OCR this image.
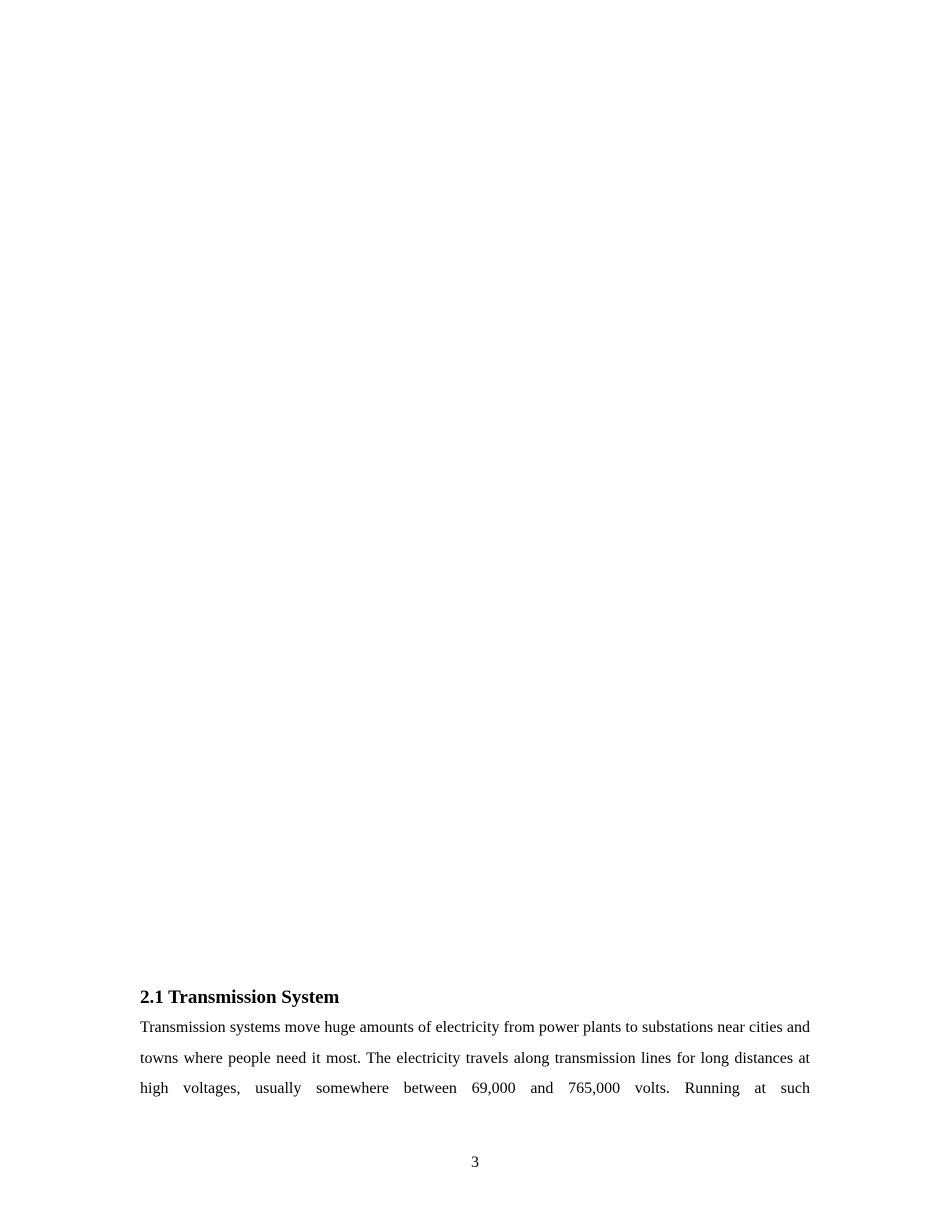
2.1 Transmission System

Transmission systems move huge amounts of electricity from power plants to substations near cities and towns where people need it most. The electricity travels along transmission lines for long distances at high voltages, usually somewhere between 69,000 and 765,000 volts. Running at such

3
